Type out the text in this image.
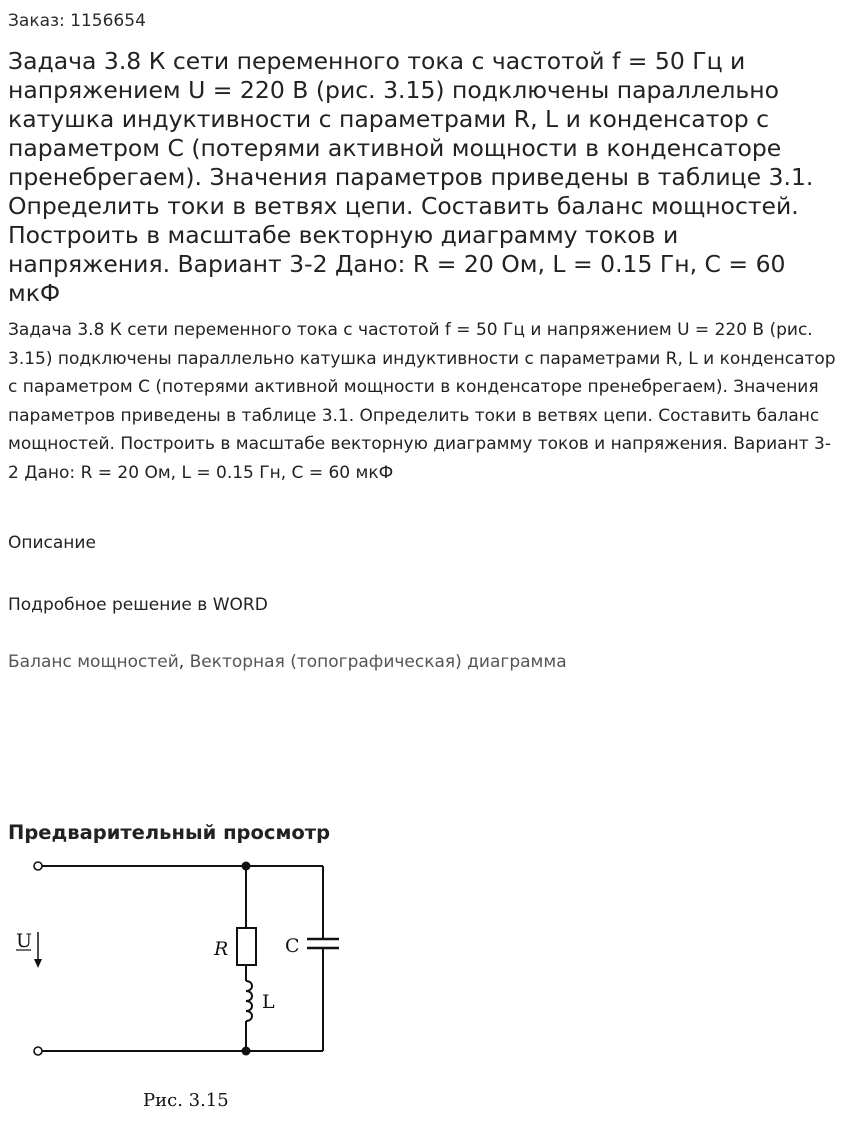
Заказ: 1156654
Задача 3.8 К сети переменного тока с частотой f = 50 Гц и напряжением U = 220 В (рис. 3.15) подключены параллельно катушка индуктивности с параметрами R, L и конденсатор с параметром C (потерями активной мощности в конденсаторе пренебрегаем). Значения параметров приведены в таблице 3.1. Определить токи в ветвях цепи. Составить баланс мощностей. Построить в масштабе векторную диаграмму токов и напряжения. Вариант 3-2 Дано: R = 20 Ом, L = 0.15 Гн, C = 60 мкФ

Задача 3.8 К сети переменного тока с частотой f = 50 Гц и напряжением U = 220 В (рис. 3.15) подключены параллельно катушка индуктивности с параметрами R, L и конденсатор с параметром C (потерями активной мощности в конденсаторе пренебрегаем). Значения параметров приведены в таблице 3.1. Определить токи в ветвях цепи. Составить баланс мощностей. Построить в масштабе векторную диаграмму токов и напряжения. Вариант 3-2 Дано: R = 20 Ом, L = 0.15 Гн, C = 60 мкФ

Описание
Подробное решение в WORD
Баланс мощностей, Векторная (топографическая) диаграмма
Предварительный просмотр
U	R
L
C
Рис. 3.15
